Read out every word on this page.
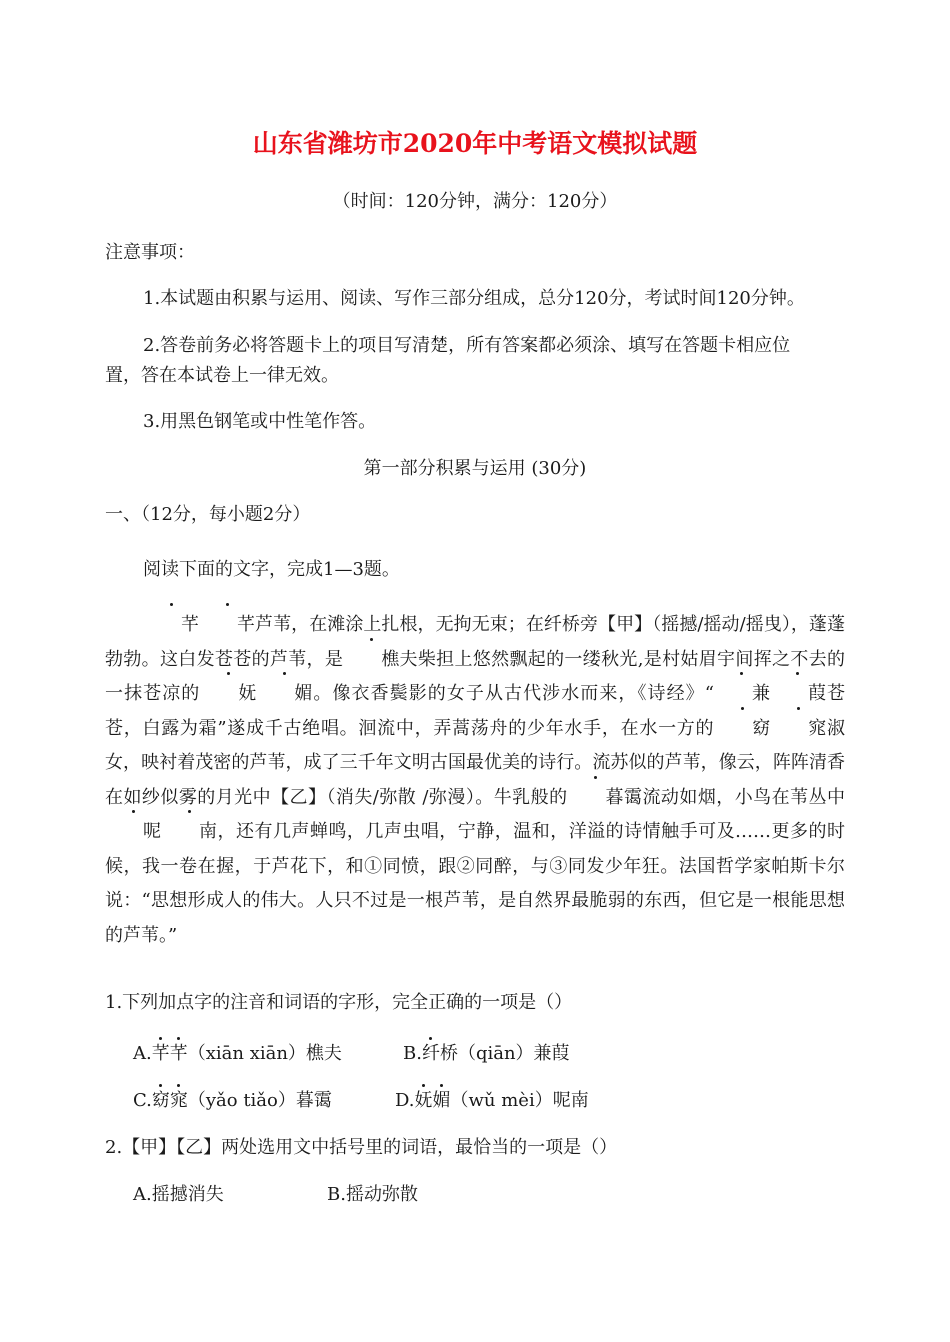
山东省潍坊市2020年中考语文模拟试题
（时间：120分钟，满分：120分）
注意事项：
1.本试题由积累与运用、阅读、写作三部分组成，总分120分，考试时间120分钟。
2.答卷前务必将答题卡上的项目写清楚，所有答案都必须涂、填写在答题卡相应位
置，答在本试卷上一律无效。
3.用黑色钢笔或中性笔作答。
第一部分积累与运用 (30分)
一、（12分，每小题2分）
阅读下面的文字，完成1—3题。
芊 芊芦苇，在滩涂上扎根，无拘无束；在纤桥旁【甲】（摇撼/摇动/摇曳），蓬蓬勃勃。这白发苍苍的芦苇，是 樵夫柴担上悠然飘起的一缕秋光,是村姑眉宇间挥之不去的一抹苍凉的 妩 媚。像衣香鬓影的女子从古代涉水而来，《诗经》“ 兼 葭苍苍，白露为霜”遂成千古绝唱。洄流中，弄蒿荡舟的少年水手，在水一方的 窈 窕淑女，映衬着茂密的芦苇，成了三千年文明古国最优美的诗行。流苏似的芦苇，像云，阵阵清香在如纱似雾的月光中【乙】（消失/弥散 /弥漫）。牛乳般的 暮霭流动如烟，小鸟在苇丛中呢 南，还有几声蝉鸣，几声虫唱，宁静，温和，洋溢的诗情触手可及……更多的时候，我一卷在握，于芦花下，和①同愤，跟②同醉，与③同发少年狂。法国哲学家帕斯卡尔说：“思想形成人的伟大。人只不过是一根芦苇，是自然界最脆弱的东西，但它是一根能思想的芦苇。”
1.下列加点字的注音和词语的字形，完全正确的一项是（）
A.芊芊（xiān xiān）樵夫	B.纤桥（qiān）兼葭
C.窈窕（yǎo tiǎo）暮霭	D.妩媚（wǔ mèi）呢南
2.【甲】【乙】两处选用文中括号里的词语，最恰当的一项是（）
A.摇撼消失	B.摇动弥散
